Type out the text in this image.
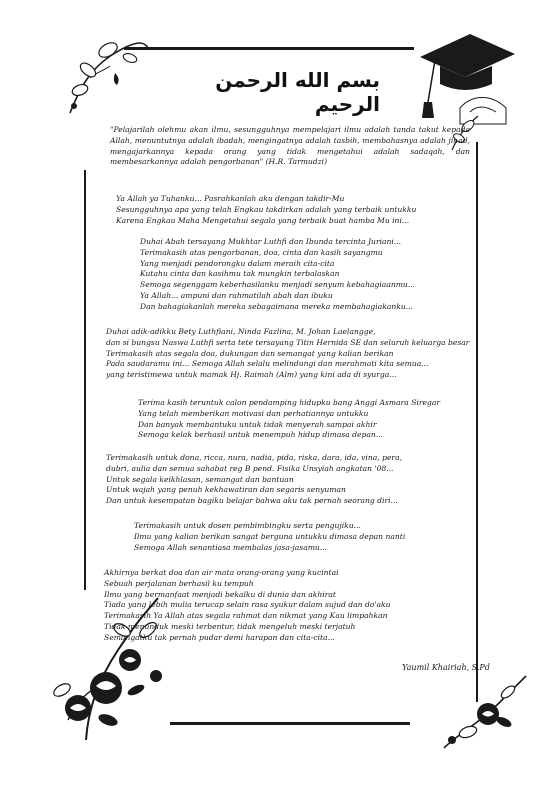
بسم الله الرحمن الرحيم
"Pelajarilah olehmu akan ilmu, sesungguhnya mempelajari ilmu adalah tanda takut kepada Allah, menuntutnya adalah ibadah, mengingatnya adalah tasbih, membahasnya adalah jihad, mengajarkannya kepada orang yang tidak mengetahui adalah sadaqah, dan membesarkannya adalah pengorbanan" (H.R. Tarmudzi)

Ya Allah ya Tuhanku... Pasrahkanlah aku dengan takdir-Mu

Sesungguhnya apa yang telah Engkau takdirkan adalah yang terbaik untukku

Karena Engkau Maha Mengetahui segala yang terbaik buat hamba Mu ini...

Duhai Abah tersayang Mukhtar Luthfi dan Ibunda tercinta Juriani...

Terimakasih atas pengorbanan, doa, cinta dan kasih sayangmu

Yang menjadi pendorongku dalam meraih cita-cita

Kutahu cinta dan kasihmu tak mungkin terbalaskan

Semoga segenggam keberhasilanku menjadi senyum kebahagiaanmu...

Ya Allah... ampuni dan rahmatilah abah dan ibuku

Dan bahagiakanlah mereka sebagaimana mereka membahagiakanku...

Duhai adik-adikku Bety Luthfiani, Ninda Fazlina, M. Johan Laelangge,

dan si bungsu Naswa Luthfi serta tete tersayang Titin Hernida SE dan seluruh keluarga besar

Terimakasih atas segala doa, dukungan dan semangat yang kalian berikan

Pada saudaramu ini... Semoga Allah selalu melindungi dan merahmati kita semua...

yang teristimewa untuk mamak Hj. Raimah (Alm) yang kini ada di syurga...

Terima kasih teruntuk calon pendamping hidupku bang Anggi Asmara Siregar

Yang telah memberikan motivasi dan perhatiannya untukku

Dan banyak membantuku untuk tidak menyerah sampai akhir

Semoga kelak berhasil untuk menempuh hidup dimasa depan...

Terimakasih untuk dona, ricca, nura, nadia, pida, riska, dara, ida, vina, pera,

dubri, aulia dan semua sahabat reg B pend. Fisika Unsyiah angkatan '08...

Untuk segala keikhlasan, semangat dan bantuan

Untuk wajah yang penuh kekhawatiran dan segaris senyuman

Dan untuk kesempatan bagiku belajar bahwa aku tak pernah seorang diri...

Terimakasih untuk dosen pembimbingku serta pengujiku...

Ilmu yang kalian berikan sangat berguna untukku dimasa depan nanti

Semoga Allah senantiasa membalas jasa-jasamu...

Akhirnya berkat doa dan air mata orang-orang yang kucintai

Sebuah perjalanan berhasil ku tempuh

Ilmu yang bermanfaat menjadi bekalku di dunia dan akhirat

Tiada yang lebih mulia terucap selain rasa syukur dalam sujud dan do'aku

Terimakasih Ya Allah atas segala rahmat dan nikmat yang Kau limpahkan

Tidak menunduk meski terbentur, tidak mengeluh meski terjatuh

Semangatku tak pernah pudar demi harapan dan cita-cita...

Yaumil Khairiah, S.Pd
